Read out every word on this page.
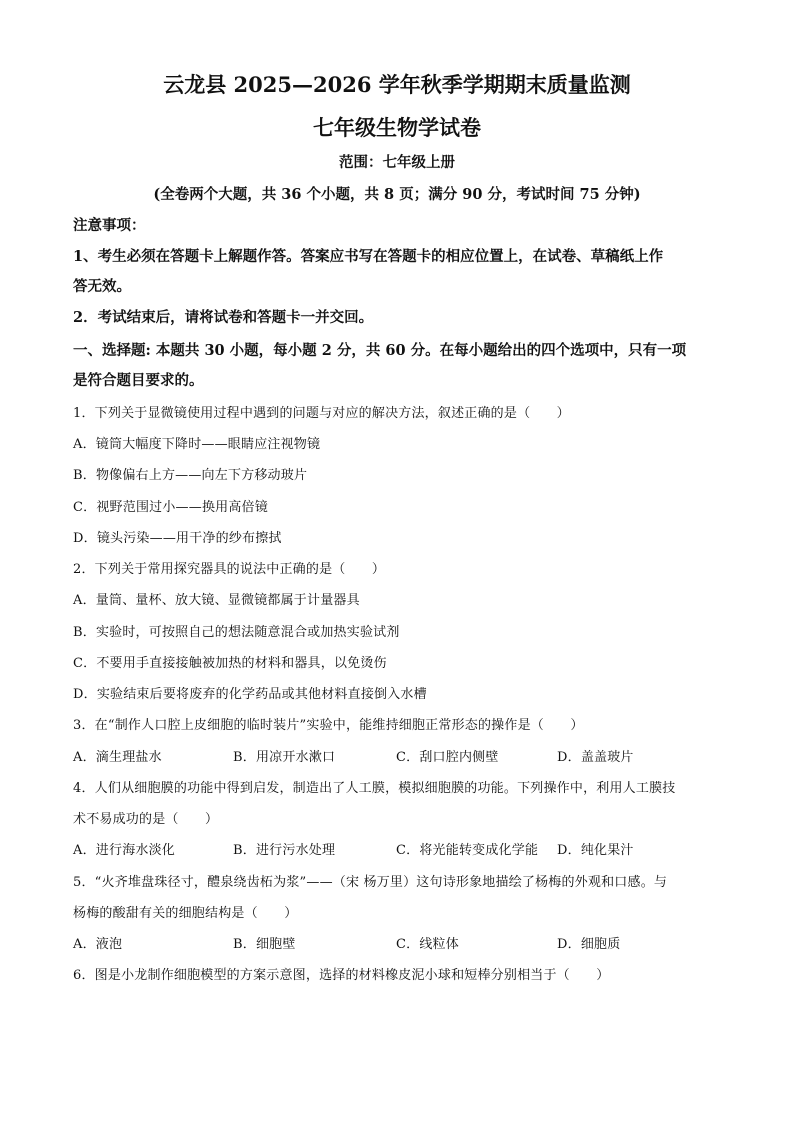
云龙县 2025—2026 学年秋季学期期末质量监测
七年级生物学试卷
范围：七年级上册
(全卷两个大题，共 36 个小题，共 8 页；满分 90 分，考试时间 75 分钟)
注意事项：
1、考生必须在答题卡上解题作答。答案应书写在答题卡的相应位置上，在试卷、草稿纸上作
答无效。
2．考试结束后，请将试卷和答题卡一并交回。
一、选择题: 本题共 30 小题，每小题 2 分，共 60 分。在每小题给出的四个选项中，只有一项
是符合题目要求的。
1．下列关于显微镜使用过程中遇到的问题与对应的解决方法，叙述正确的是（　　）
A．镜筒大幅度下降时——眼睛应注视物镜
B．物像偏右上方——向左下方移动玻片
C．视野范围过小——换用高倍镜
D．镜头污染——用干净的纱布擦拭
2．下列关于常用探究器具的说法中正确的是（　　）
A．量筒、量杯、放大镜、显微镜都属于计量器具
B．实验时，可按照自己的想法随意混合或加热实验试剂
C．不要用手直接接触被加热的材料和器具，以免烫伤
D．实验结束后要将废弃的化学药品或其他材料直接倒入水槽
3．在“制作人口腔上皮细胞的临时装片”实验中，能维持细胞正常形态的操作是（　　）
A．滴生理盐水	B．用凉开水漱口	C．刮口腔内侧壁	D．盖盖玻片
4．人们从细胞膜的功能中得到启发，制造出了人工膜，模拟细胞膜的功能。下列操作中，利用人工膜技
术不易成功的是（　　）
A．进行海水淡化	B．进行污水处理	C．将光能转变成化学能 D．纯化果汁
5．“火齐堆盘珠径寸，醴泉绕齿柘为浆”——（宋 杨万里）这句诗形象地描绘了杨梅的外观和口感。与
杨梅的酸甜有关的细胞结构是（　　）
A．液泡	B．细胞壁	C．线粒体	D．细胞质
6．图是小龙制作细胞模型的方案示意图，选择的材料橡皮泥小球和短棒分别相当于（　　）
